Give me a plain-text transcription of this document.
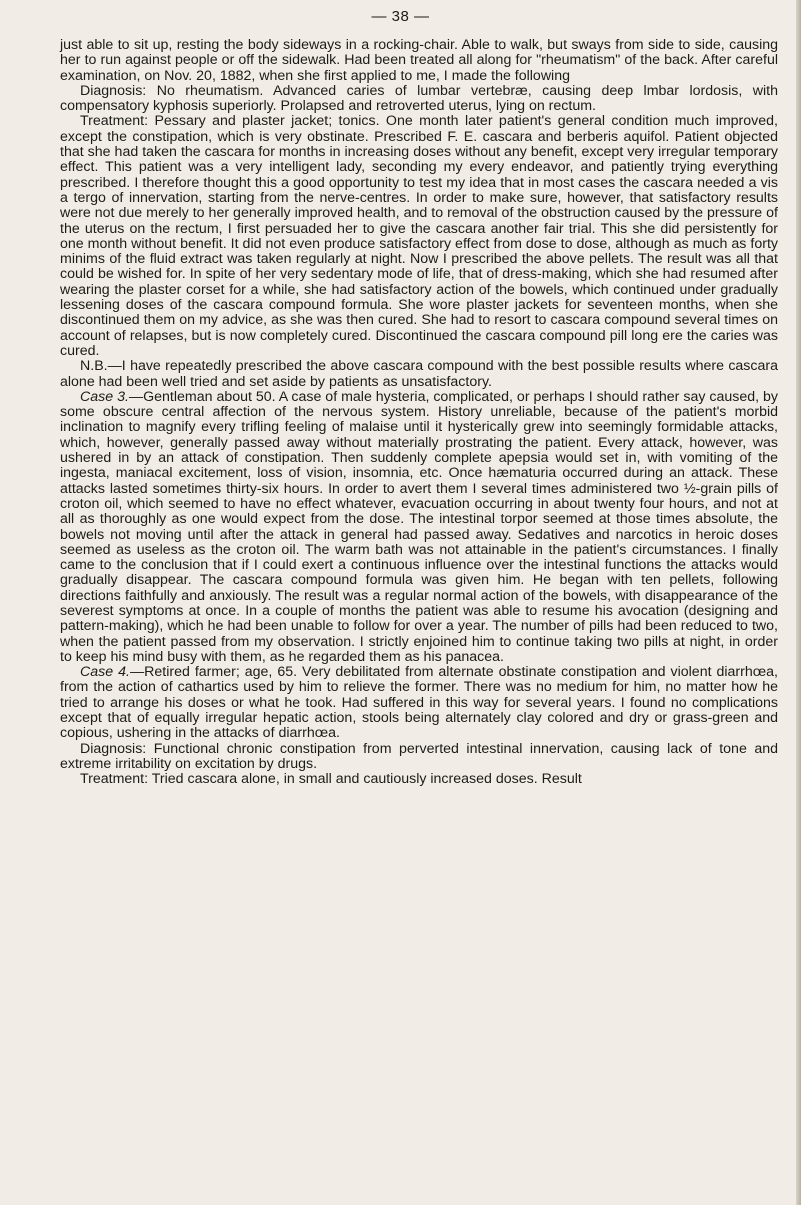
— 38 —

just able to sit up, resting the body sideways in a rocking-chair. Able to walk, but sways from side to side, causing her to run against people or off the sidewalk. Had been treated all along for "rheumatism" of the back. After careful examination, on Nov. 20, 1882, when she first applied to me, I made the following

Diagnosis: No rheumatism. Advanced caries of lumbar vertebræ, causing deep lmbar lordosis, with compensatory kyphosis superiorly. Prolapsed and retroverted uterus, lying on rectum.

Treatment: Pessary and plaster jacket; tonics. One month later patient's general condition much improved, except the constipation, which is very obstinate. Prescribed F. E. cascara and berberis aquifol. Patient objected that she had taken the cascara for months in increasing doses without any benefit, except very irregular temporary effect. This patient was a very intelligent lady, seconding my every endeavor, and patiently trying everything prescribed. I therefore thought this a good opportunity to test my idea that in most cases the cascara needed a vis a tergo of innervation, starting from the nerve-centres. In order to make sure, however, that satisfactory results were not due merely to her generally improved health, and to removal of the obstruction caused by the pressure of the uterus on the rectum, I first persuaded her to give the cascara another fair trial. This she did persistently for one month without benefit. It did not even produce satisfactory effect from dose to dose, although as much as forty minims of the fluid extract was taken regularly at night. Now I prescribed the above pellets. The result was all that could be wished for. In spite of her very sedentary mode of life, that of dress-making, which she had resumed after wearing the plaster corset for a while, she had satisfactory action of the bowels, which continued under gradually lessening doses of the cascara compound formula. She wore plaster jackets for seventeen months, when she discontinued them on my advice, as she was then cured. She had to resort to cascara compound several times on account of relapses, but is now completely cured. Discontinued the cascara compound pill long ere the caries was cured.

N.B.—I have repeatedly prescribed the above cascara compound with the best possible results where cascara alone had been well tried and set aside by patients as unsatisfactory.

Case 3.—Gentleman about 50. A case of male hysteria, complicated, or perhaps I should rather say caused, by some obscure central affection of the nervous system. History unreliable, because of the patient's morbid inclination to magnify every trifling feeling of malaise until it hysterically grew into seemingly formidable attacks, which, however, generally passed away without materially prostrating the patient. Every attack, however, was ushered in by an attack of constipation. Then suddenly complete apepsia would set in, with vomiting of the ingesta, maniacal excitement, loss of vision, insomnia, etc. Once hæmaturia occurred during an attack. These attacks lasted sometimes thirty-six hours. In order to avert them I several times administered two ½-grain pills of croton oil, which seemed to have no effect whatever, evacuation occurring in about twenty four hours, and not at all as thoroughly as one would expect from the dose. The intestinal torpor seemed at those times absolute, the bowels not moving until after the attack in general had passed away. Sedatives and narcotics in heroic doses seemed as useless as the croton oil. The warm bath was not attainable in the patient's circumstances. I finally came to the conclusion that if I could exert a continuous influence over the intestinal functions the attacks would gradually disappear. The cascara compound formula was given him. He began with ten pellets, following directions faithfully and anxiously. The result was a regular normal action of the bowels, with disappearance of the severest symptoms at once. In a couple of months the patient was able to resume his avocation (designing and pattern-making), which he had been unable to follow for over a year. The number of pills had been reduced to two, when the patient passed from my observation. I strictly enjoined him to continue taking two pills at night, in order to keep his mind busy with them, as he regarded them as his panacea.

Case 4.—Retired farmer; age, 65. Very debilitated from alternate obstinate constipation and violent diarrhœa, from the action of cathartics used by him to relieve the former. There was no medium for him, no matter how he tried to arrange his doses or what he took. Had suffered in this way for several years. I found no complications except that of equally irregular hepatic action, stools being alternately clay colored and dry or grass-green and copious, ushering in the attacks of diarrhœa.

Diagnosis: Functional chronic constipation from perverted intestinal innervation, causing lack of tone and extreme irritability on excitation by drugs.

Treatment: Tried cascara alone, in small and cautiously increased doses. Result
